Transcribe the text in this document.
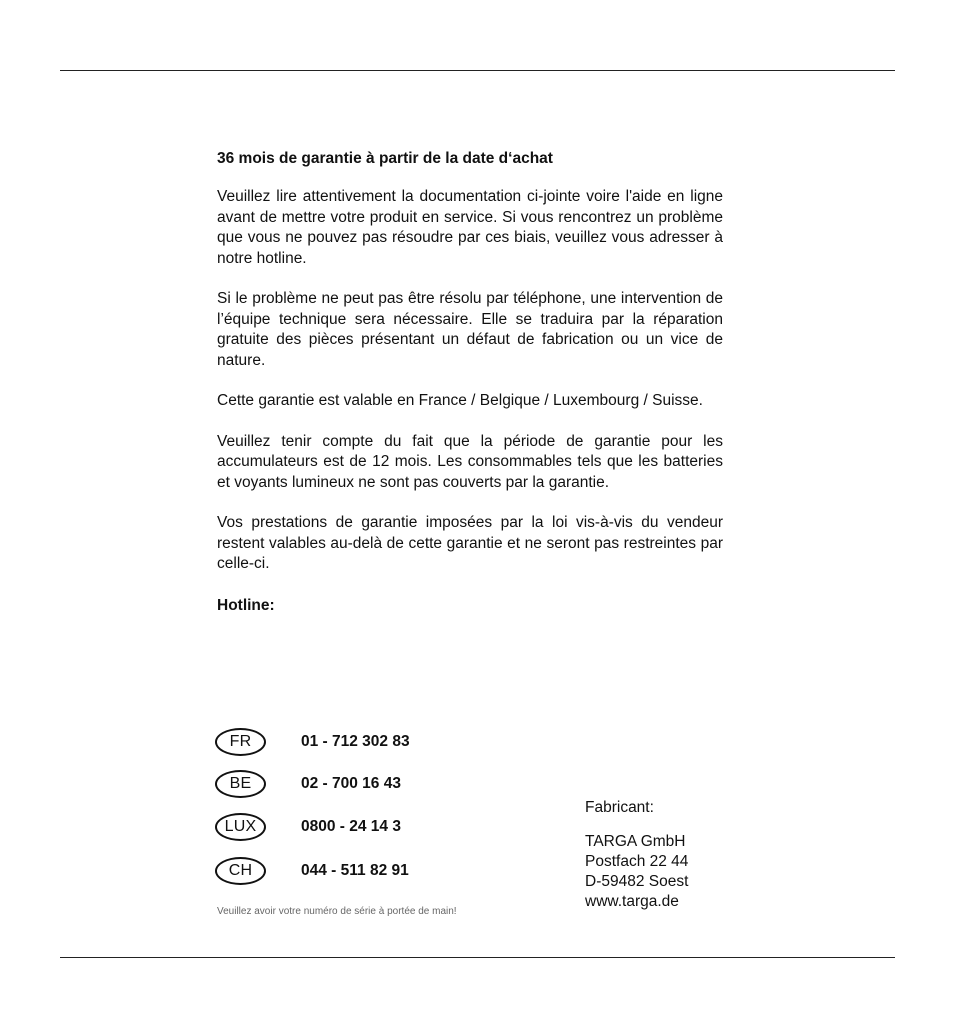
36 mois de garantie à partir de la date d‘achat

Veuillez lire attentivement la documentation ci-jointe voire l'aide en ligne avant de mettre votre produit en service. Si vous rencontrez un problème que vous ne pouvez pas résoudre par ces biais, veuillez vous adresser à notre hotline.

Si le problème ne peut pas être résolu par téléphone, une intervention de l’équipe technique sera nécessaire. Elle se traduira par la réparation gratuite des pièces présentant un défaut de fabrication ou un vice de nature.

Cette garantie est valable en France / Belgique / Luxembourg / Suisse.

Veuillez tenir compte du fait que la période de garantie pour les accumulateurs est de 12 mois. Les consommables tels que les batteries et voyants lumineux ne sont pas couverts par la garantie.

Vos prestations de garantie imposées par la loi vis-à-vis du vendeur restent valables au-delà de cette garantie et ne seront pas restreintes par celle-ci.

Hotline:

FR	01 - 712 302 83
BE	02 - 700 16 43
LUX	0800 - 24 14 3
CH	044 - 511 82 91
Veuillez avoir votre numéro de série à portée de main!

Fabricant:

TARGA GmbH

Postfach 22 44

D-59482 Soest

www.targa.de
